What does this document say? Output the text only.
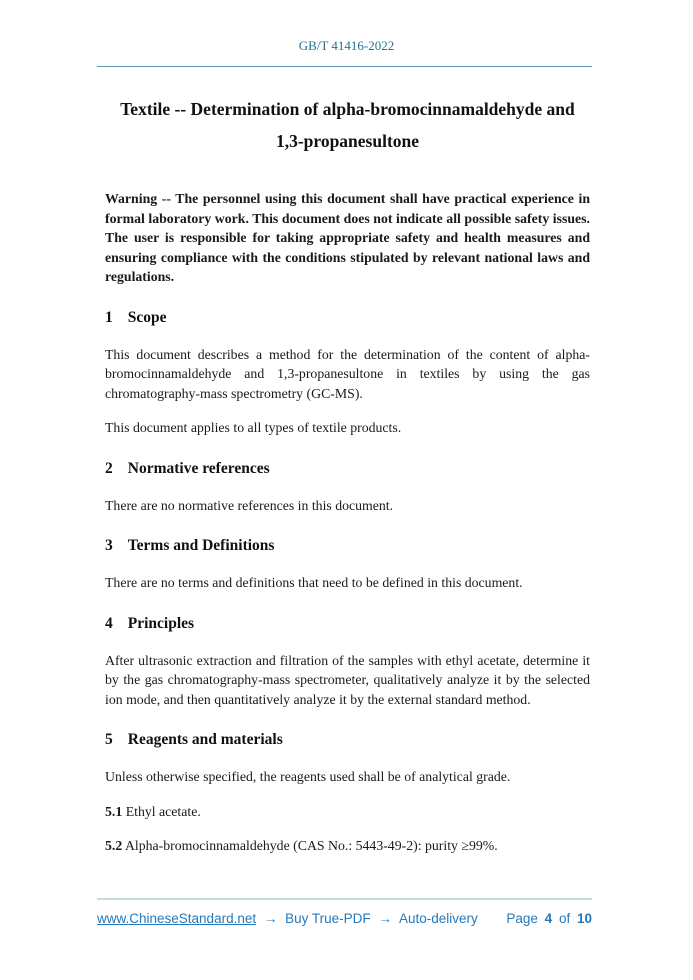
GB/T 41416-2022
Textile -- Determination of alpha-bromocinnamaldehyde and
1,3-propanesultone

Warning -- The personnel using this document shall have practical experience in formal laboratory work. This document does not indicate all possible safety issues. The user is responsible for taking appropriate safety and health measures and ensuring compliance with the conditions stipulated by relevant national laws and regulations.

1 Scope

This document describes a method for the determination of the content of alpha-bromocinnamaldehyde and 1,3-propanesultone in textiles by using the gas chromatography-mass spectrometry (GC-MS).

This document applies to all types of textile products.

2 Normative references

There are no normative references in this document.

3 Terms and Definitions

There are no terms and definitions that need to be defined in this document.

4 Principles

After ultrasonic extraction and filtration of the samples with ethyl acetate, determine it by the gas chromatography-mass spectrometer, qualitatively analyze it by the selected ion mode, and then quantitatively analyze it by the external standard method.

5 Reagents and materials

Unless otherwise specified, the reagents used shall be of analytical grade.

5.1 Ethyl acetate.

5.2 Alpha-bromocinnamaldehyde (CAS No.: 5443-49-2): purity ≥99%.

www.ChineseStandard.net → Buy True-PDF → Auto-delivery Page 4 of 10
